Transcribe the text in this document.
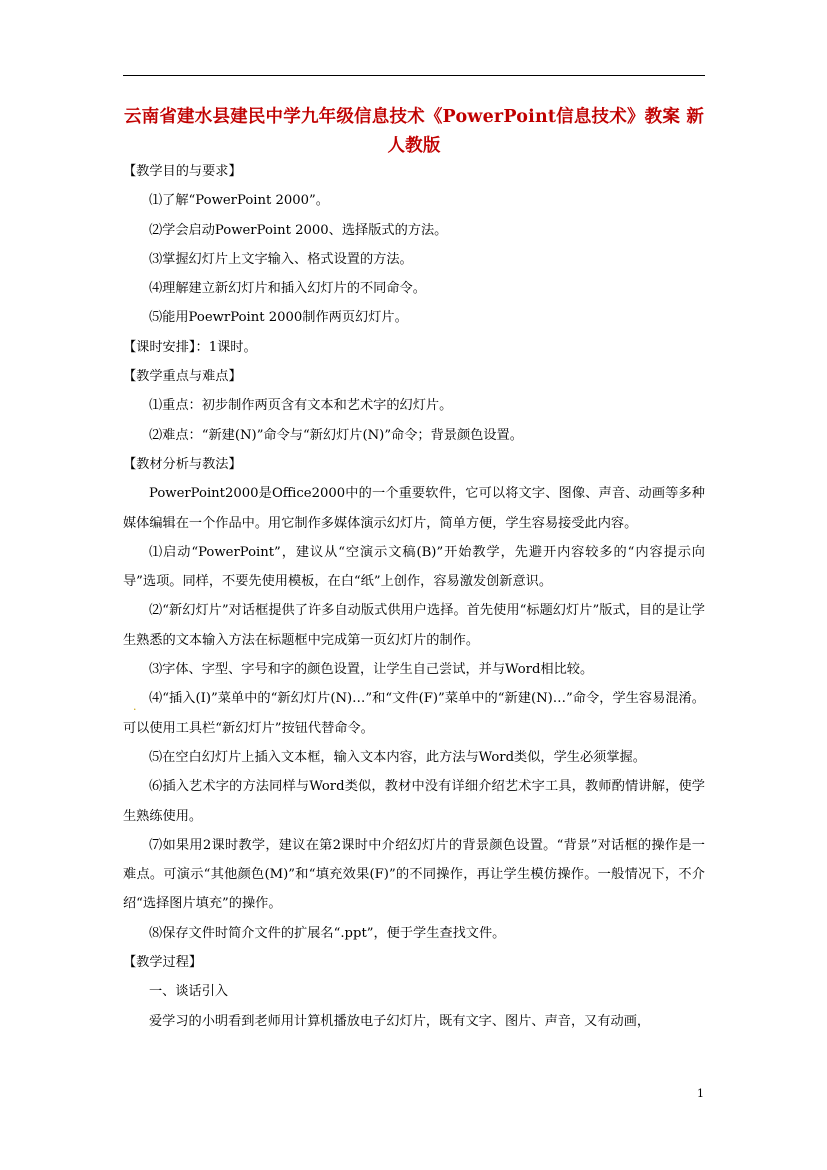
云南省建水县建民中学九年级信息技术《PowerPoint信息技术》教案 新人教版

【教学目的与要求】

⑴了解“PowerPoint 2000”。

⑵学会启动PowerPoint 2000、选择版式的方法。

⑶掌握幻灯片上文字输入、格式设置的方法。

⑷理解建立新幻灯片和插入幻灯片的不同命令。

⑸能用PoewrPoint 2000制作两页幻灯片。

【课时安排】：1课时。

【教学重点与难点】

⑴重点：初步制作两页含有文本和艺术字的幻灯片。

⑵难点：“新建(N)”命令与“新幻灯片(N)”命令；背景颜色设置。

【教材分析与教法】

PowerPoint2000是Office2000中的一个重要软件，它可以将文字、图像、声音、动画等多种媒体编辑在一个作品中。用它制作多媒体演示幻灯片，简单方便，学生容易接受此内容。

⑴启动“PowerPoint”，建议从“空演示文稿(B)”开始教学，先避开内容较多的“内容提示向导”选项。同样，不要先使用模板，在白“纸”上创作，容易激发创新意识。

⑵“新幻灯片”对话框提供了许多自动版式供用户选择。首先使用“标题幻灯片”版式，目的是让学生熟悉的文本输入方法在标题框中完成第一页幻灯片的制作。

⑶字体、字型、字号和字的颜色设置，让学生自己尝试，并与Word相比较。

⑷“插入(I)”菜单中的“新幻灯片(N)…”和“文件(F)”菜单中的“新建(N)…”命令，学生容易混淆。可以使用工具栏“新幻灯片”按钮代替命令。

⑸在空白幻灯片上插入文本框，输入文本内容，此方法与Word类似，学生必须掌握。

⑹插入艺术字的方法同样与Word类似，教材中没有详细介绍艺术字工具，教师酌情讲解，使学生熟练使用。

⑺如果用2课时教学，建议在第2课时中介绍幻灯片的背景颜色设置。“背景”对话框的操作是一难点。可演示“其他颜色(M)”和“填充效果(F)”的不同操作，再让学生模仿操作。一般情况下，不介绍“选择图片填充”的操作。

⑻保存文件时简介文件的扩展名“.ppt”，便于学生查找文件。

【教学过程】

一、谈话引入

爱学习的小明看到老师用计算机播放电子幻灯片，既有文字、图片、声音，又有动画，

.
1
